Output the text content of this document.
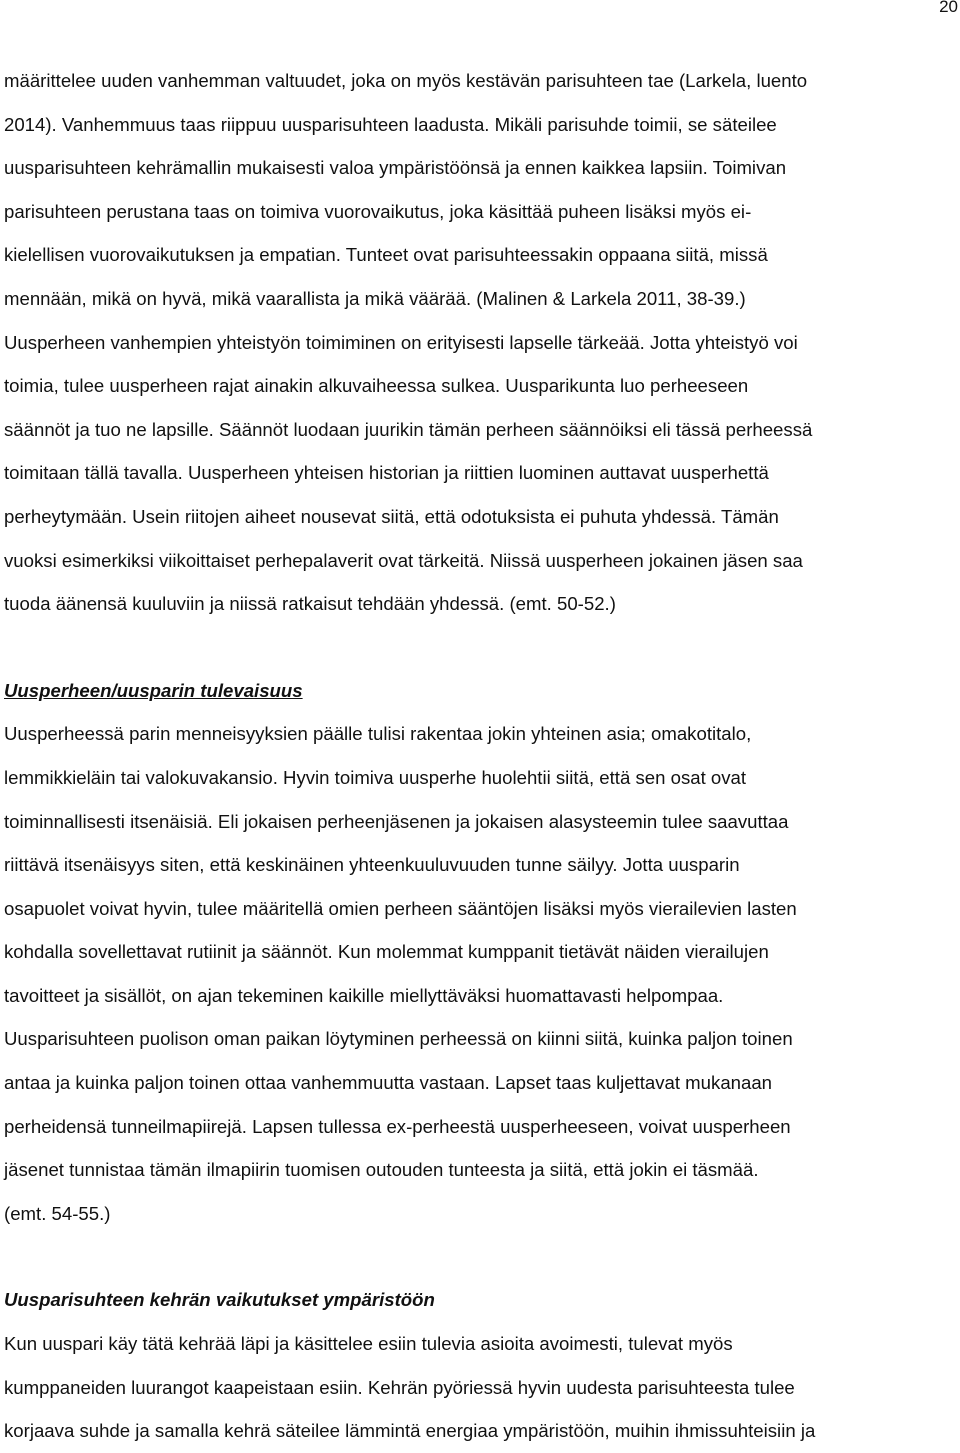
20

määrittelee uuden vanhemman valtuudet, joka on myös kestävän parisuhteen tae (Larkela, luento
2014). Vanhemmuus taas riippuu uusparisuhteen laadusta. Mikäli parisuhde toimii, se säteilee
uusparisuhteen kehrämallin mukaisesti valoa ympäristöönsä ja ennen kaikkea lapsiin. Toimivan
parisuhteen perustana taas on toimiva vuorovaikutus, joka käsittää puheen lisäksi myös ei-
kielellisen vuorovaikutuksen ja empatian. Tunteet ovat parisuhteessakin oppaana siitä, missä
mennään, mikä on hyvä, mikä vaarallista ja mikä väärää. (Malinen & Larkela 2011, 38-39.)
Uusperheen vanhempien yhteistyön toimiminen on erityisesti lapselle tärkeää. Jotta yhteistyö voi
toimia, tulee uusperheen rajat ainakin alkuvaiheessa sulkea. Uusparikunta luo perheeseen
säännöt ja tuo ne lapsille. Säännöt luodaan juurikin tämän perheen säännöiksi eli tässä perheessä
toimitaan tällä tavalla. Uusperheen yhteisen historian ja riittien luominen auttavat uusperhettä
perheytymään. Usein riitojen aiheet nousevat siitä, että odotuksista ei puhuta yhdessä. Tämän
vuoksi esimerkiksi viikoittaiset perhepalaverit ovat tärkeitä. Niissä uusperheen jokainen jäsen saa
tuoda äänensä kuuluviin ja niissä ratkaisut tehdään yhdessä. (emt. 50-52.)

Uusperheen/uusparin tulevaisuus

Uusperheessä parin menneisyyksien päälle tulisi rakentaa jokin yhteinen asia; omakotitalo,
lemmikkieläin tai valokuvakansio. Hyvin toimiva uusperhe huolehtii siitä, että sen osat ovat
toiminnallisesti itsenäisiä. Eli jokaisen perheenjäsenen ja jokaisen alasysteemin tulee saavuttaa
riittävä itsenäisyys siten, että keskinäinen yhteenkuuluvuuden tunne säilyy. Jotta uusparin
osapuolet voivat hyvin, tulee määritellä omien perheen sääntöjen lisäksi myös vierailevien lasten
kohdalla sovellettavat rutiinit ja säännöt. Kun molemmat kumppanit tietävät näiden vierailujen
tavoitteet ja sisällöt, on ajan tekeminen kaikille miellyttäväksi huomattavasti helpompaa.
Uusparisuhteen puolison oman paikan löytyminen perheessä on kiinni siitä, kuinka paljon toinen
antaa ja kuinka paljon toinen ottaa vanhemmuutta vastaan. Lapset taas kuljettavat mukanaan
perheidensä tunneilmapiirejä. Lapsen tullessa ex-perheestä uusperheeseen, voivat uusperheen
jäsenet tunnistaa tämän ilmapiirin tuomisen outouden tunteesta ja siitä, että jokin ei täsmää.
(emt. 54-55.)

Uusparisuhteen kehrän vaikutukset ympäristöön

Kun uuspari käy tätä kehrää läpi ja käsittelee esiin tulevia asioita avoimesti, tulevat myös
kumppaneiden luurangot kaapeistaan esiin. Kehrän pyöriessä hyvin uudesta parisuhteesta tulee
korjaava suhde ja samalla kehrä säteilee lämmintä energiaa ympäristöön, muihin ihmissuhteisiin ja
